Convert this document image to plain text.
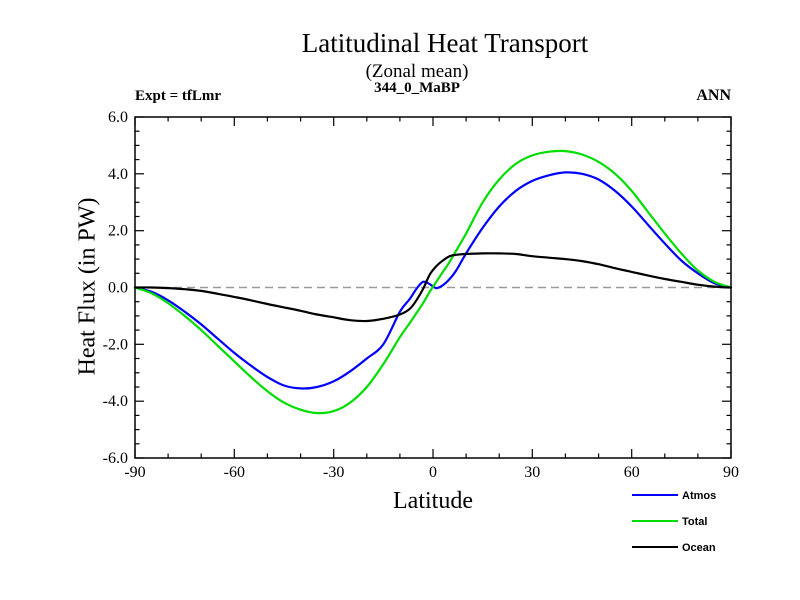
Latitudinal Heat Transport
(Zonal mean)
344_0_MaBP
Expt = tfLmr	ANN
Heat Flux (in PW)
Latitude
-90	-60	-30	0	30	60	90
6.0
4.0
2.0
0.0
-2.0
-4.0
-6.0
Atmos
Total
Ocean
